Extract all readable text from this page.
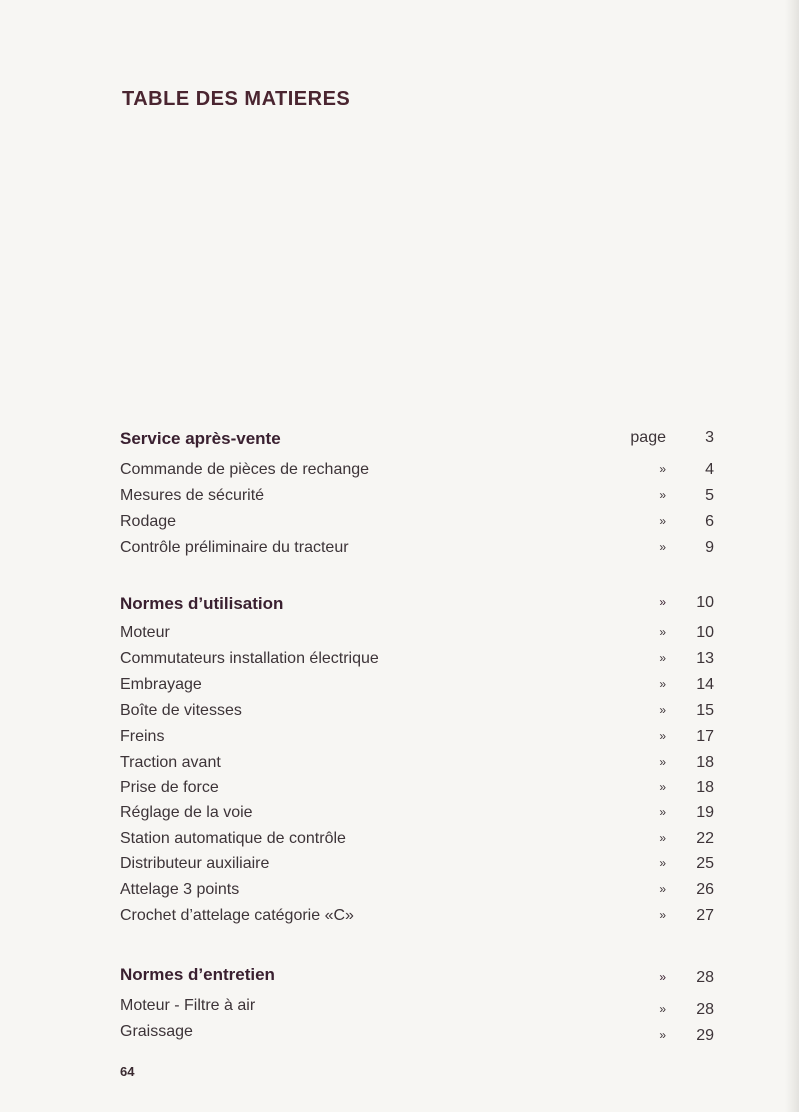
TABLE DES MATIERES
Service après-vente	page	3
Commande de pièces de rechange	»	4
Mesures de sécurité	»	5
Rodage	»	6
Contrôle préliminaire du tracteur	»	9
Normes d’utilisation	»	10
Moteur	»	10
Commutateurs installation électrique	»	13
Embrayage	»	14
Boîte de vitesses	»	15
Freins	»	17
Traction avant	»	18
Prise de force	»	18
Réglage de la voie	»	19
Station automatique de contrôle	»	22
Distributeur auxiliaire	»	25
Attelage 3 points	»	26
Crochet d’attelage catégorie «C»	»	27
Normes d’entretien	»	28
Moteur - Filtre à air	»	28
Graissage	»	29
64
